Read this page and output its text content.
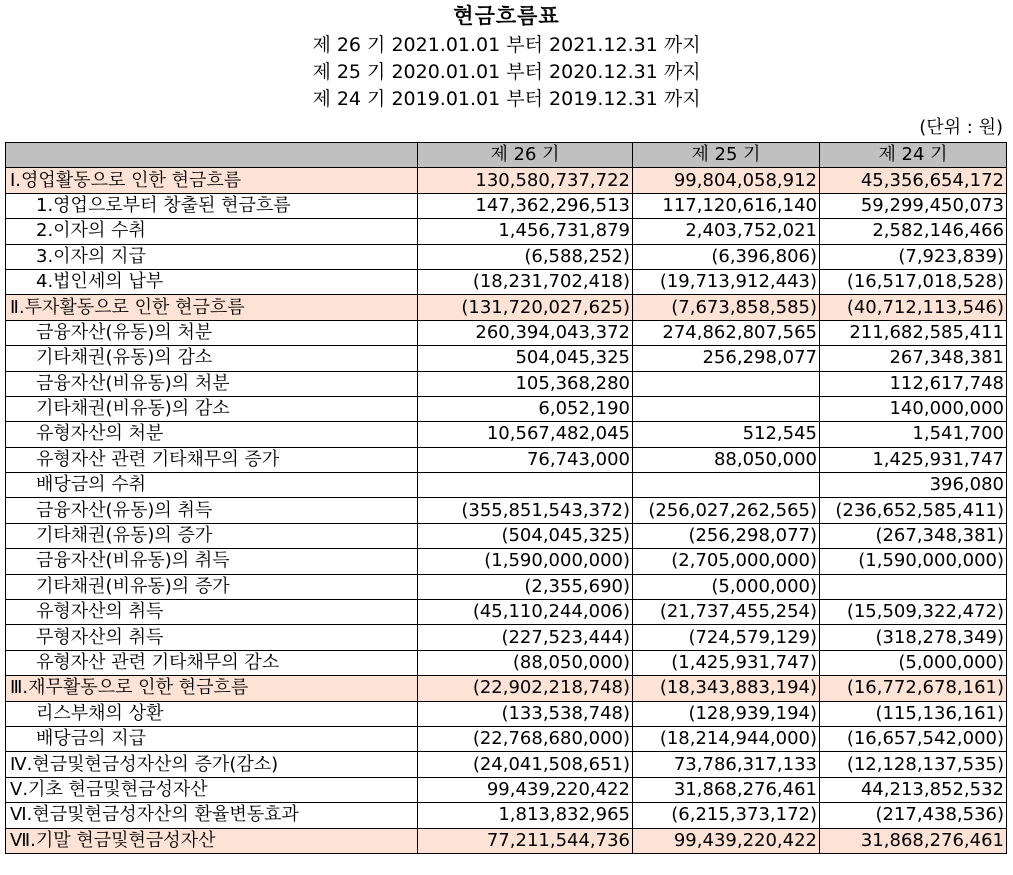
현금흐름표
제 26 기 2021.01.01 부터 2021.12.31 까지
제 25 기 2020.01.01 부터 2020.12.31 까지
제 24 기 2019.01.01 부터 2019.12.31 까지
(단위 : 원)
	제 26 기	제 25 기	제 24 기
Ⅰ.영업활동으로 인한 현금흐름	130,580,737,722	99,804,058,912	45,356,654,172
1.영업으로부터 창출된 현금흐름	147,362,296,513	117,120,616,140	59,299,450,073
2.이자의 수취	1,456,731,879	2,403,752,021	2,582,146,466
3.이자의 지급	(6,588,252)	(6,396,806)	(7,923,839)
4.법인세의 납부	(18,231,702,418)	(19,713,912,443)	(16,517,018,528)
Ⅱ.투자활동으로 인한 현금흐름	(131,720,027,625)	(7,673,858,585)	(40,712,113,546)
금융자산(유동)의 처분	260,394,043,372	274,862,807,565	211,682,585,411
기타채권(유동)의 감소	504,045,325	256,298,077	267,348,381
금융자산(비유동)의 처분	105,368,280		112,617,748
기타채권(비유동)의 감소	6,052,190		140,000,000
유형자산의 처분	10,567,482,045	512,545	1,541,700
유형자산 관련 기타채무의 증가	76,743,000	88,050,000	1,425,931,747
배당금의 수취			396,080
금융자산(유동)의 취득	(355,851,543,372)	(256,027,262,565)	(236,652,585,411)
기타채권(유동)의 증가	(504,045,325)	(256,298,077)	(267,348,381)
금융자산(비유동)의 취득	(1,590,000,000)	(2,705,000,000)	(1,590,000,000)
기타채권(비유동)의 증가	(2,355,690)	(5,000,000)	
유형자산의 취득	(45,110,244,006)	(21,737,455,254)	(15,509,322,472)
무형자산의 취득	(227,523,444)	(724,579,129)	(318,278,349)
유형자산 관련 기타채무의 감소	(88,050,000)	(1,425,931,747)	(5,000,000)
Ⅲ.재무활동으로 인한 현금흐름	(22,902,218,748)	(18,343,883,194)	(16,772,678,161)
리스부채의 상환	(133,538,748)	(128,939,194)	(115,136,161)
배당금의 지급	(22,768,680,000)	(18,214,944,000)	(16,657,542,000)
Ⅳ.현금및현금성자산의 증가(감소)	(24,041,508,651)	73,786,317,133	(12,128,137,535)
Ⅴ.기초 현금및현금성자산	99,439,220,422	31,868,276,461	44,213,852,532
Ⅵ.현금및현금성자산의 환율변동효과	1,813,832,965	(6,215,373,172)	(217,438,536)
Ⅶ.기말 현금및현금성자산	77,211,544,736	99,439,220,422	31,868,276,461
